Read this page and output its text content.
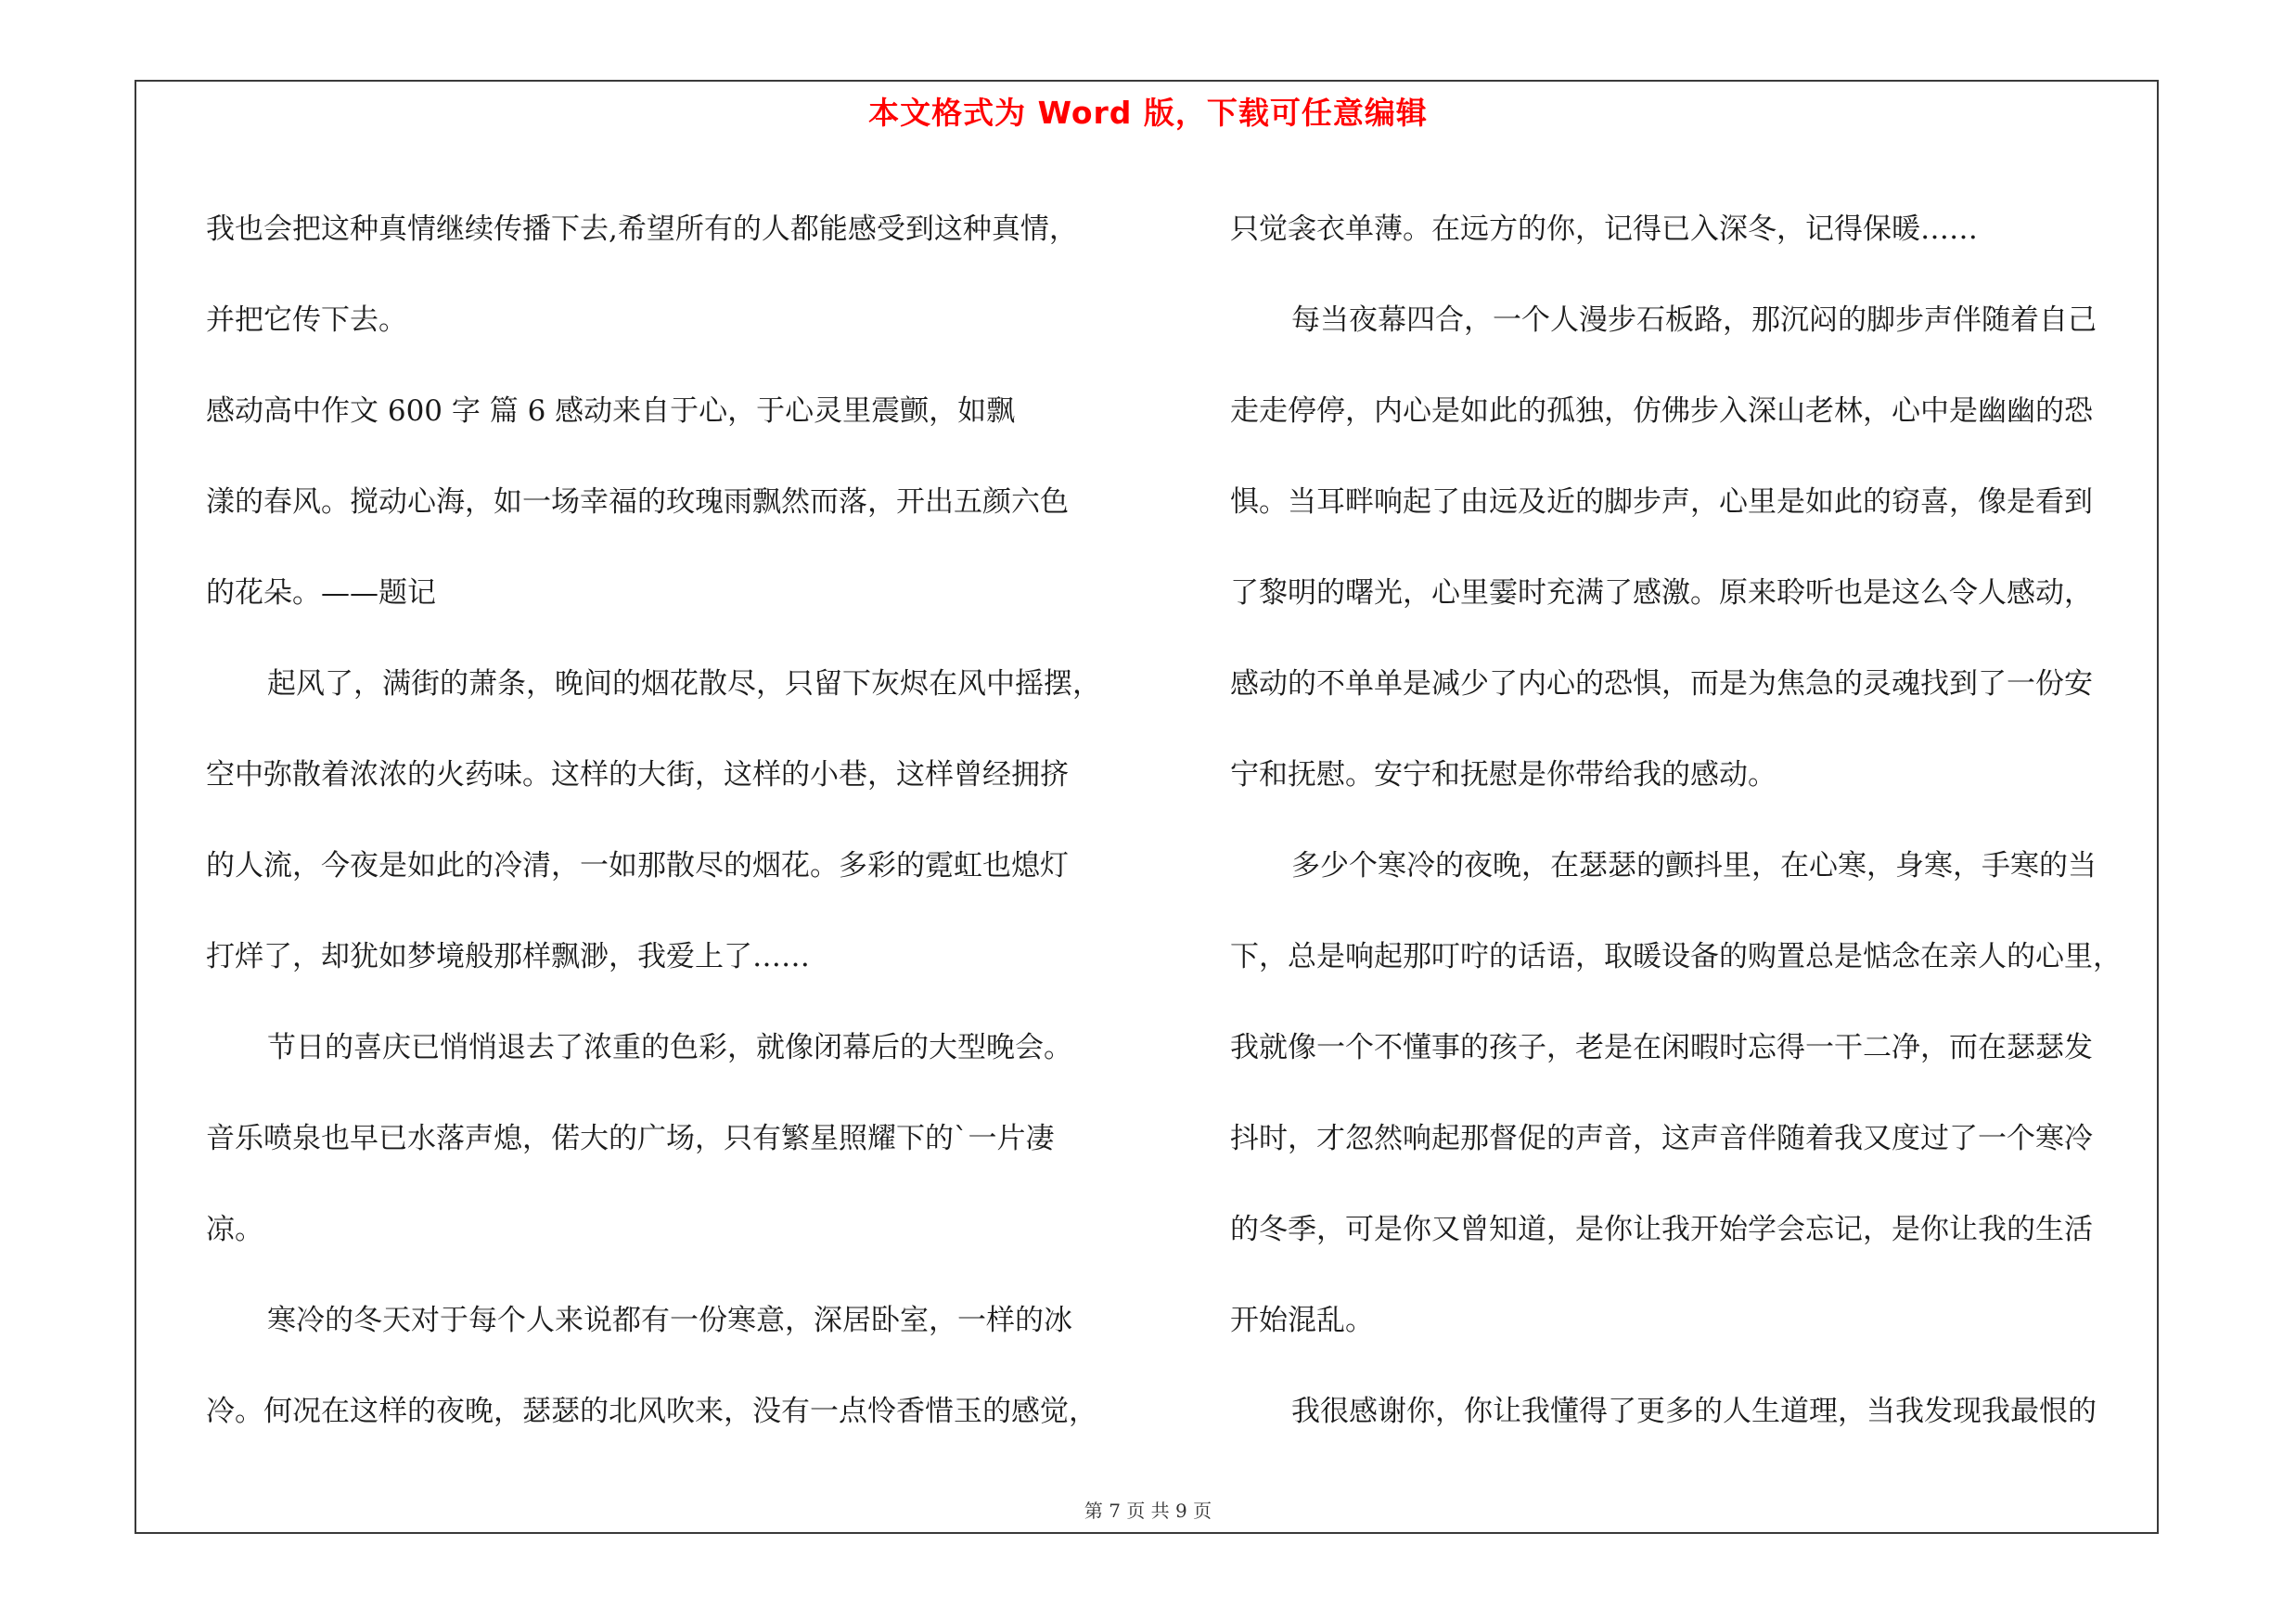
本文格式为 Word 版，下载可任意编辑
我也会把这种真情继续传播下去,希望所有的人都能感受到这种真情，
并把它传下去。
感动高中作文 600 字 篇 6 感动来自于心，于心灵里震颤，如飘
漾的春风。搅动心海，如一场幸福的玫瑰雨飘然而落，开出五颜六色
的花朵。——题记
起风了，满街的萧条，晚间的烟花散尽，只留下灰烬在风中摇摆，
空中弥散着浓浓的火药味。这样的大街，这样的小巷，这样曾经拥挤
的人流，今夜是如此的冷清，一如那散尽的烟花。多彩的霓虹也熄灯
打烊了，却犹如梦境般那样飘渺，我爱上了……
节日的喜庆已悄悄退去了浓重的色彩，就像闭幕后的大型晚会。
音乐喷泉也早已水落声熄，偌大的广场，只有繁星照耀下的`一片凄
凉。
寒冷的冬天对于每个人来说都有一份寒意，深居卧室，一样的冰
冷。何况在这样的夜晚，瑟瑟的北风吹来，没有一点怜香惜玉的感觉，
只觉衾衣单薄。在远方的你，记得已入深冬，记得保暖……
每当夜幕四合，一个人漫步石板路，那沉闷的脚步声伴随着自己
走走停停，内心是如此的孤独，仿佛步入深山老林，心中是幽幽的恐
惧。当耳畔响起了由远及近的脚步声，心里是如此的窃喜，像是看到
了黎明的曙光，心里霎时充满了感激。原来聆听也是这么令人感动，
感动的不单单是减少了内心的恐惧，而是为焦急的灵魂找到了一份安
宁和抚慰。安宁和抚慰是你带给我的感动。
多少个寒冷的夜晚，在瑟瑟的颤抖里，在心寒，身寒，手寒的当
下，总是响起那叮咛的话语，取暖设备的购置总是惦念在亲人的心里，
我就像一个不懂事的孩子，老是在闲暇时忘得一干二净，而在瑟瑟发
抖时，才忽然响起那督促的声音，这声音伴随着我又度过了一个寒冷
的冬季，可是你又曾知道，是你让我开始学会忘记，是你让我的生活
开始混乱。
我很感谢你，你让我懂得了更多的人生道理，当我发现我最恨的
第 7 页 共 9 页
